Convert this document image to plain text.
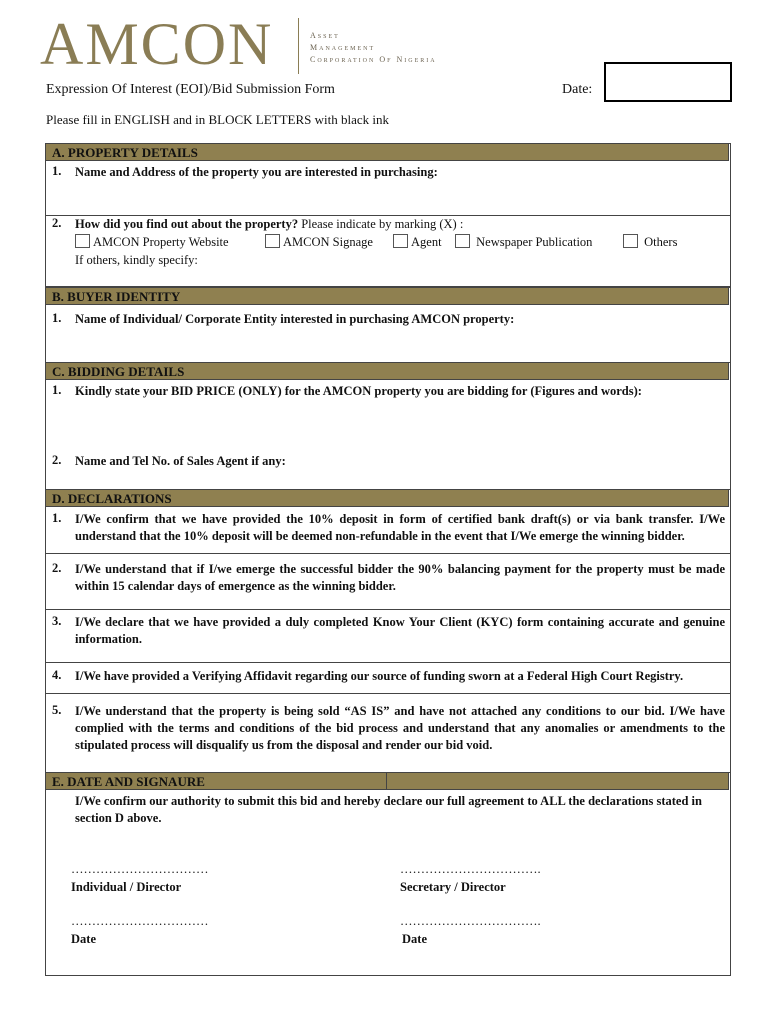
AMCON	Asset
Management
Corporation Of Nigeria
Expression Of Interest (EOI)/Bid Submission Form	Date:
Please fill in ENGLISH and in BLOCK LETTERS with black ink
A. PROPERTY DETAILS
1. Name and Address of the property you are interested in purchasing:
2. How did you find out about the property? Please indicate by marking (X) :
AMCON Property Website	AMCON Signage	Agent	Newspaper Publication	Others
If others, kindly specify:
B. BUYER IDENTITY
1. Name of Individual/ Corporate Entity interested in purchasing AMCON property:
C. BIDDING DETAILS
1. Kindly state your BID PRICE (ONLY) for the AMCON property you are bidding for (Figures and words):
2. Name and Tel No. of Sales Agent if any:
D. DECLARATIONS
1. I/We confirm that we have provided the 10% deposit in form of certified bank draft(s) or via bank transfer. I/We understand that the 10% deposit will be deemed non-refundable in the event that I/We emerge the winning bidder.
2. I/We understand that if I/we emerge the successful bidder the 90% balancing payment for the property must be made within 15 calendar days of emergence as the winning bidder.
3. I/We declare that we have provided a duly completed Know Your Client (KYC) form containing accurate and genuine information.
4. I/We have provided a Verifying Affidavit regarding our source of funding sworn at a Federal High Court Registry.
5. I/We understand that the property is being sold “AS IS” and have not attached any conditions to our bid. I/We have complied with the terms and conditions of the bid process and understand that any anomalies or amendments to the stipulated process will disqualify us from the disposal and render our bid void.
E. DATE AND SIGNAURE
I/We confirm our authority to submit this bid and hereby declare our full agreement to ALL the declarations stated in section D above.
……………………………	…………………………….
Individual / Director	Secretary / Director
……………………………	…………………………….
Date	Date
